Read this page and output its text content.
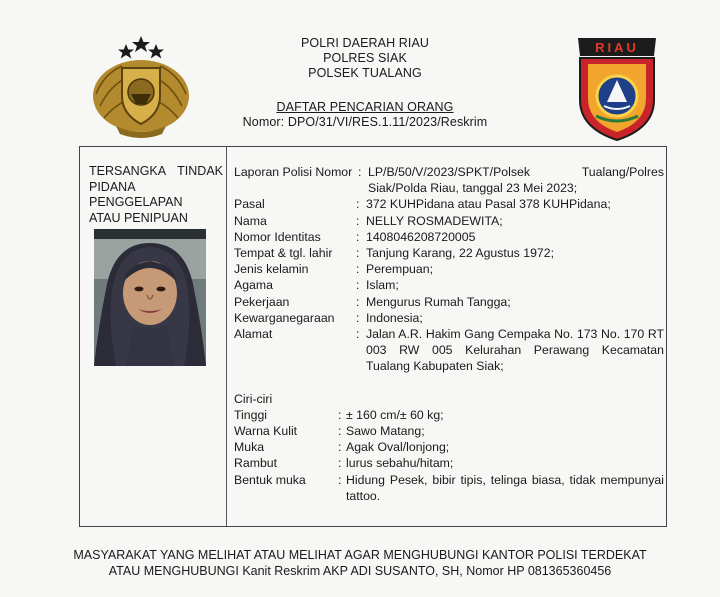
RIAU
POLRI DAERAH RIAU
POLRES SIAK
POLSEK TUALANG
DAFTAR PENCARIAN ORANG
Nomor: DPO/31/VI/RES.1.11/2023/Reskrim
TERSANGKA TINDAK
PIDANA PENGGELAPAN
ATAU PENIPUAN
Laporan Polisi Nomor : LP/B/50/V/2023/SPKT/Polsek Tualang/Polres Siak/Polda Riau, tanggal 23 Mei 2023;
Pasal	: 372 KUHPidana atau Pasal 378 KUHPidana;
Nama	: NELLY ROSMADEWITA;
Nomor Identitas	: 1408046208720005
Tempat & tgl. lahir	: Tanjung Karang, 22 Agustus 1972;
Jenis kelamin	: Perempuan;
Agama	: Islam;
Pekerjaan	: Mengurus Rumah Tangga;
Kewarganegaraan	: Indonesia;
Alamat	: Jalan A.R. Hakim Gang Cempaka No. 173 No. 170 RT 003 RW 005 Kelurahan Perawang Kecamatan Tualang Kabupaten Siak;
Ciri-ciri
Tinggi	: ± 160 cm/± 60 kg;
Warna Kulit	: Sawo Matang;
Muka	: Agak Oval/lonjong;
Rambut	: lurus sebahu/hitam;
Bentuk muka	: Hidung Pesek, bibir tipis, telinga biasa, tidak mempunyai tattoo.
MASYARAKAT YANG MELIHAT ATAU MELIHAT AGAR MENGHUBUNGI KANTOR POLISI TERDEKAT
ATAU MENGHUBUNGI Kanit Reskrim AKP ADI SUSANTO, SH, Nomor HP 081365360456
